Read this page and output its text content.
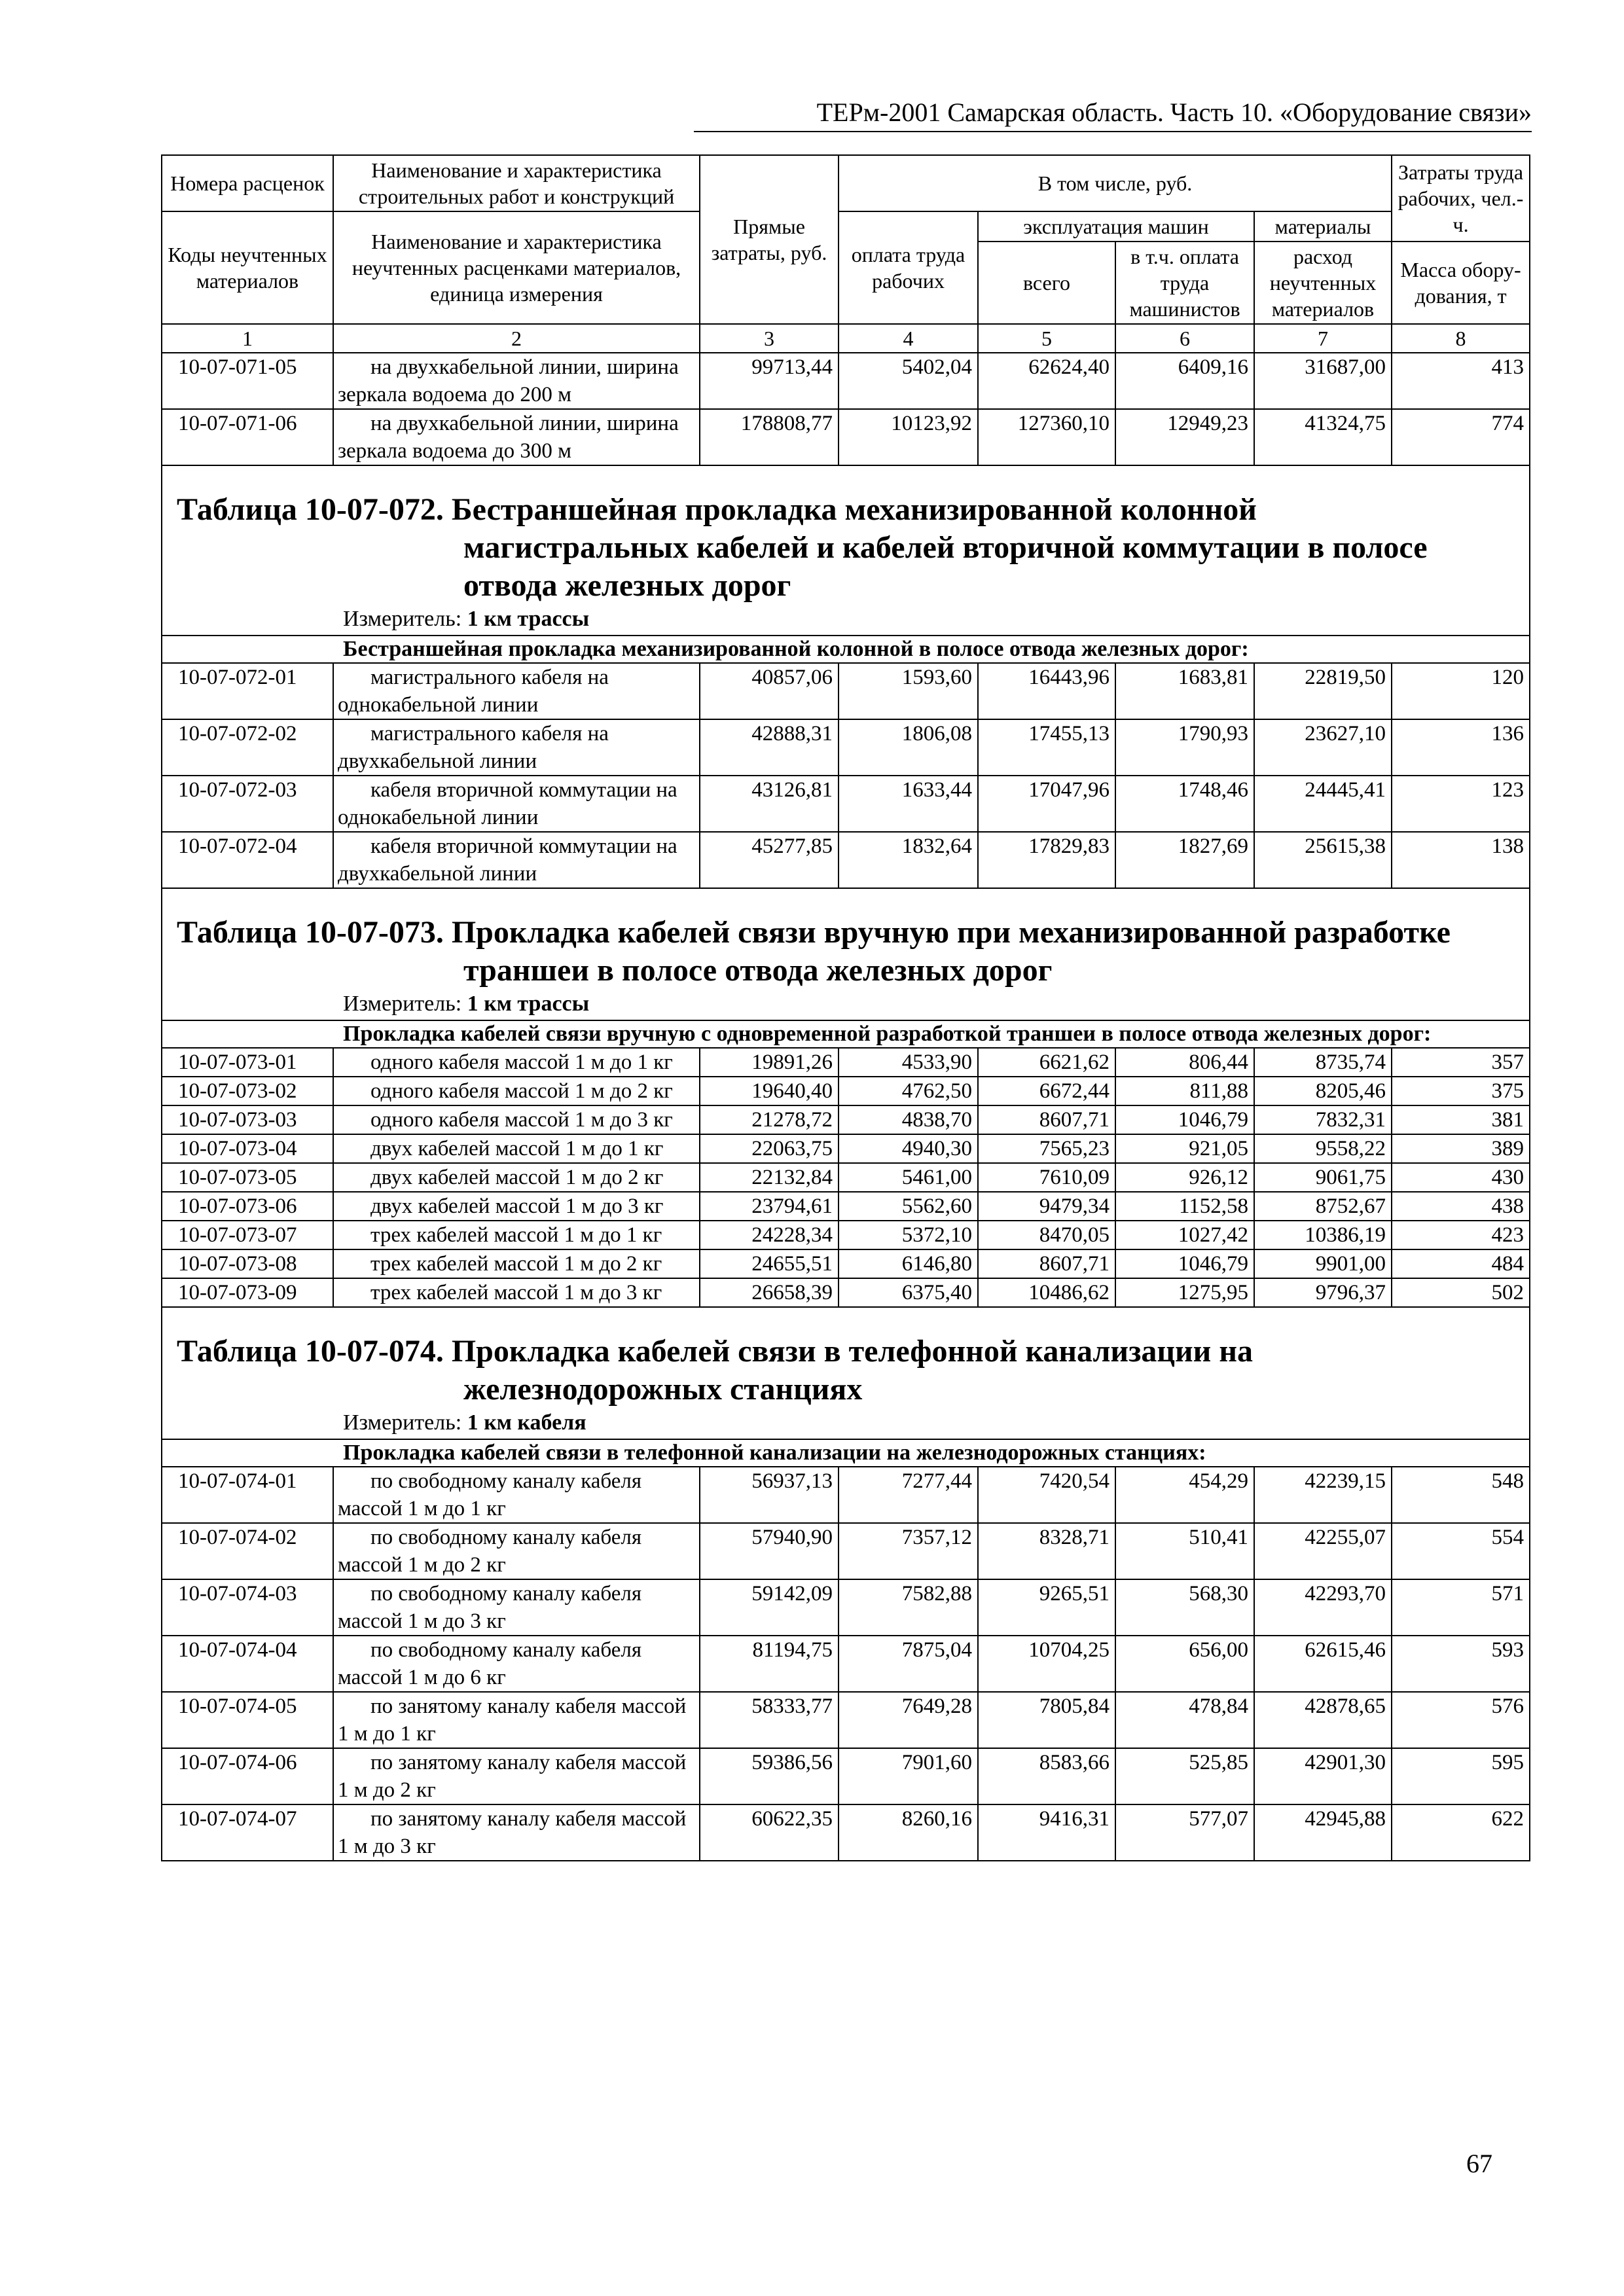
ТЕРм-2001 Самарская область. Часть 10. «Оборудование связи»
Номера расценок	Наименование и характеристика строительных работ и конструкций	Прямые затраты, руб.	В том числе, руб.				Затраты труда рабочих, чел.-ч.
Коды неучтенных материалов	Наименование и характеристика неучтенных расценками материалов, единица измерения		оплата труда рабочих	эксплуатация машин		материалы	
				всего	в т.ч. оплата труда машинистов	расход неучтенных материалов	Масса обору-дования, т
1	2	3	4	5	6	7	8
10-07-071-05	на двухкабельной линии, ширина зеркала водоема до 200 м	99713,44	5402,04	62624,40	6409,16	31687,00	413
10-07-071-06	на двухкабельной линии, ширина зеркала водоема до 300 м	178808,77	10123,92	127360,10	12949,23	41324,75	774

Таблица 10-07-072. Бестраншейная прокладка механизированной колонной
магистральных кабелей и кабелей вторичной коммутации в полосе отвода железных дорог
Измеритель: 1 км трассы							

Бестраншейная прокладка механизированной колонной в полосе отвода железных дорог:							
10-07-072-01	магистрального кабеля на однокабельной линии	40857,06	1593,60	16443,96	1683,81	22819,50	120
10-07-072-02	магистрального кабеля на двухкабельной линии	42888,31	1806,08	17455,13	1790,93	23627,10	136
10-07-072-03	кабеля вторичной коммутации на однокабельной линии	43126,81	1633,44	17047,96	1748,46	24445,41	123
10-07-072-04	кабеля вторичной коммутации на двухкабельной линии	45277,85	1832,64	17829,83	1827,69	25615,38	138

Таблица 10-07-073. Прокладка кабелей связи вручную при механизированной разработке
траншеи в полосе отвода железных дорог
Измеритель: 1 км трассы							

Прокладка кабелей связи вручную с одновременной разработкой траншеи в полосе отвода железных дорог:							
10-07-073-01	одного кабеля массой 1 м до 1 кг	19891,26	4533,90	6621,62	806,44	8735,74	357
10-07-073-02	одного кабеля массой 1 м до 2 кг	19640,40	4762,50	6672,44	811,88	8205,46	375
10-07-073-03	одного кабеля массой 1 м до 3 кг	21278,72	4838,70	8607,71	1046,79	7832,31	381
10-07-073-04	двух кабелей массой 1 м до 1 кг	22063,75	4940,30	7565,23	921,05	9558,22	389
10-07-073-05	двух кабелей массой 1 м до 2 кг	22132,84	5461,00	7610,09	926,12	9061,75	430
10-07-073-06	двух кабелей массой 1 м до 3 кг	23794,61	5562,60	9479,34	1152,58	8752,67	438
10-07-073-07	трех кабелей массой 1 м до 1 кг	24228,34	5372,10	8470,05	1027,42	10386,19	423
10-07-073-08	трех кабелей массой 1 м до 2 кг	24655,51	6146,80	8607,71	1046,79	9901,00	484
10-07-073-09	трех кабелей массой 1 м до 3 кг	26658,39	6375,40	10486,62	1275,95	9796,37	502

Таблица 10-07-074. Прокладка кабелей связи в телефонной канализации на
железнодорожных станциях
Измеритель: 1 км кабеля							

Прокладка кабелей связи в телефонной канализации на железнодорожных станциях:							
10-07-074-01	по свободному каналу кабеля массой 1 м до 1 кг	56937,13	7277,44	7420,54	454,29	42239,15	548
10-07-074-02	по свободному каналу кабеля массой 1 м до 2 кг	57940,90	7357,12	8328,71	510,41	42255,07	554
10-07-074-03	по свободному каналу кабеля массой 1 м до 3 кг	59142,09	7582,88	9265,51	568,30	42293,70	571
10-07-074-04	по свободному каналу кабеля массой 1 м до 6 кг	81194,75	7875,04	10704,25	656,00	62615,46	593
10-07-074-05	по занятому каналу кабеля массой 1 м до 1 кг	58333,77	7649,28	7805,84	478,84	42878,65	576
10-07-074-06	по занятому каналу кабеля массой 1 м до 2 кг	59386,56	7901,60	8583,66	525,85	42901,30	595
10-07-074-07	по занятому каналу кабеля массой 1 м до 3 кг	60622,35	8260,16	9416,31	577,07	42945,88	622
67
